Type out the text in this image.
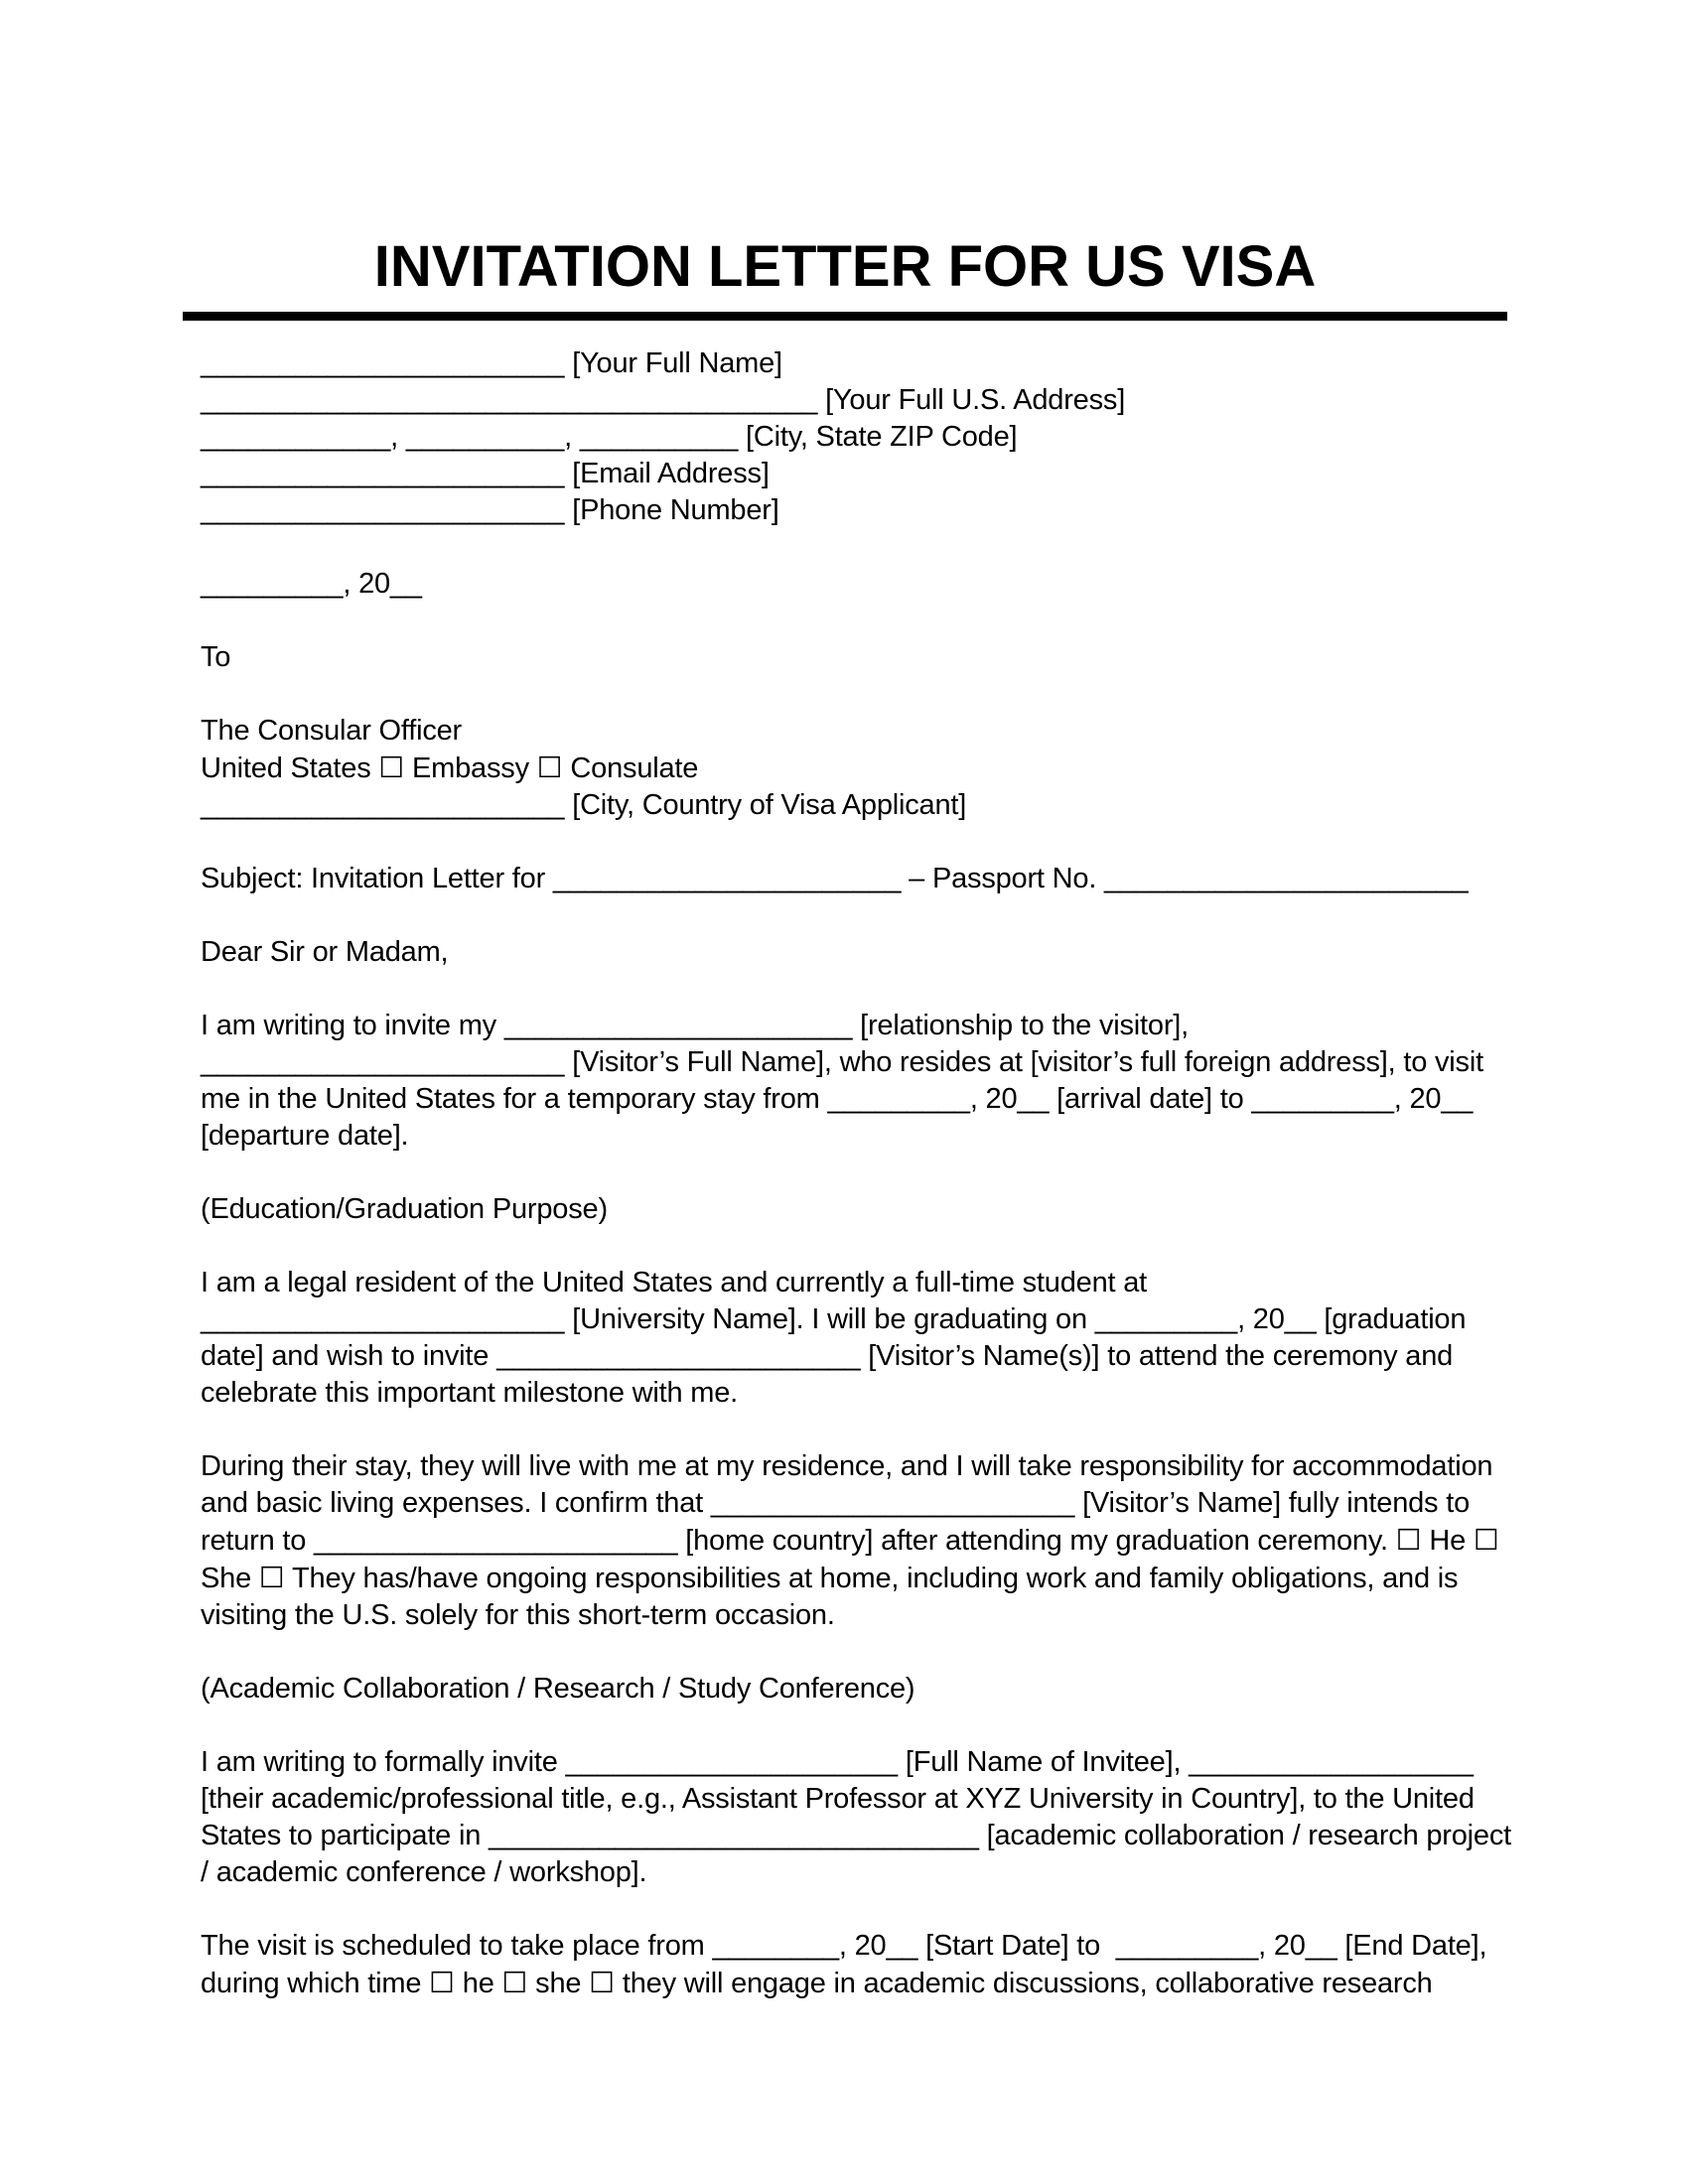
INVITATION LETTER FOR US VISA
_______________________ [Your Full Name]
_______________________________________ [Your Full U.S. Address]
____________, __________, __________ [City, State ZIP Code]
_______________________ [Email Address]
_______________________ [Phone Number]
_________, 20__
To
The Consular Officer
United States ☐ Embassy ☐ Consulate
_______________________ [City, Country of Visa Applicant]
Subject: Invitation Letter for ______________________ – Passport No. _______________________
Dear Sir or Madam,
I am writing to invite my ______________________ [relationship to the visitor],
_______________________ [Visitor’s Full Name], who resides at [visitor’s full foreign address], to visit
me in the United States for a temporary stay from _________, 20__ [arrival date] to _________, 20__
[departure date].
(Education/Graduation Purpose)
I am a legal resident of the United States and currently a full-time student at
_______________________ [University Name]. I will be graduating on _________, 20__ [graduation
date] and wish to invite _______________________ [Visitor’s Name(s)] to attend the ceremony and
celebrate this important milestone with me.
During their stay, they will live with me at my residence, and I will take responsibility for accommodation
and basic living expenses. I confirm that _______________________ [Visitor’s Name] fully intends to
return to _______________________ [home country] after attending my graduation ceremony. ☐ He ☐
She ☐ They has/have ongoing responsibilities at home, including work and family obligations, and is
visiting the U.S. solely for this short-term occasion.
(Academic Collaboration / Research / Study Conference)
I am writing to formally invite _____________________ [Full Name of Invitee], __________________
[their academic/professional title, e.g., Assistant Professor at XYZ University in Country], to the United
States to participate in _______________________________ [academic collaboration / research project
/ academic conference / workshop].
The visit is scheduled to take place from ________, 20__ [Start Date] to  _________, 20__ [End Date],
during which time ☐ he ☐ she ☐ they will engage in academic discussions, collaborative research
